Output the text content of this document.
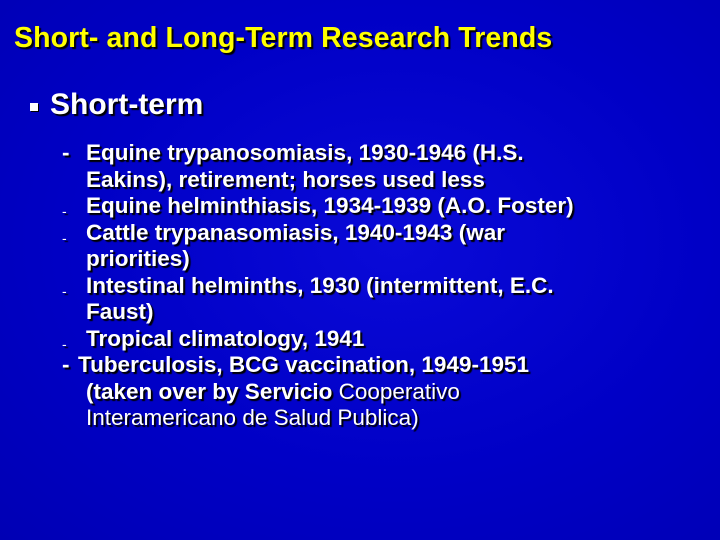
Short- and Long-Term Research Trends
Short-term
- Equine trypanosomiasis, 1930-1946 (H.S.
Eakins), retirement; horses used less
- Equine helminthiasis, 1934-1939 (A.O. Foster)
- Cattle trypanasomiasis, 1940-1943 (war
priorities)
- Intestinal helminths, 1930 (intermittent, E.C.
Faust)
- Tropical climatology, 1941
- Tuberculosis, BCG vaccination, 1949-1951
(taken over by Servicio Cooperativo
Interamericano de Salud Publica)
